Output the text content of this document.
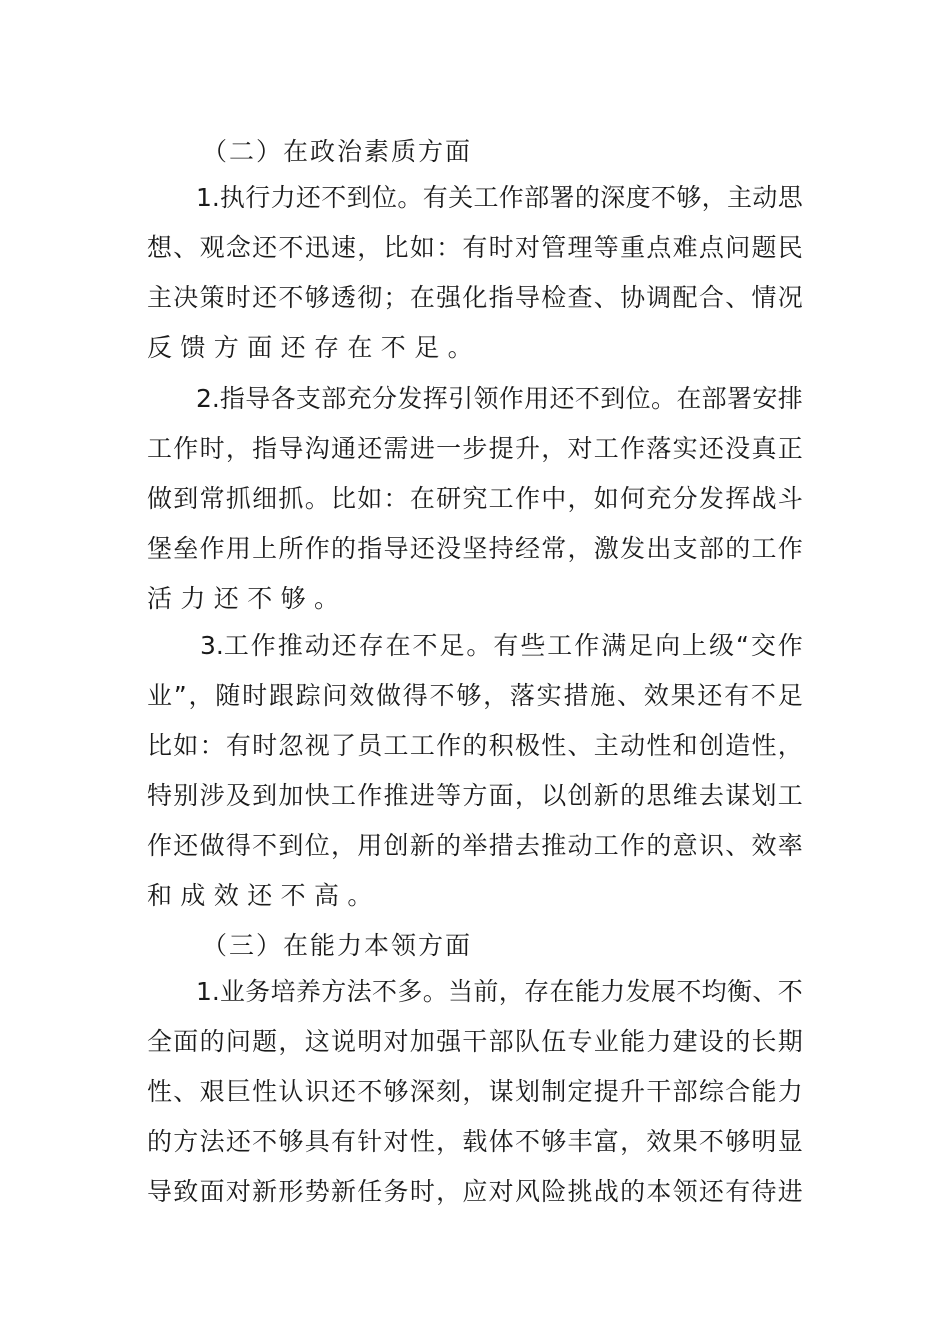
（二）在政治素质方面
1.执 行 力 还 不 到 位 。 有 关 工 作 部 署 的 深 度 不 够 ， 主 动 思
想 、 观 念 还 不 迅 速 ， 比 如 ： 有 时 对 管 理 等 重 点 难 点 问 题 民
主 决 策 时 还 不 够 透 彻 ； 在 强 化 指 导 检 查 、 协 调 配 合 、 情 况
反馈方面还存在不足。
2.指 导 各 支 部 充 分 发 挥 引 领 作 用 还 不 到 位 。 在 部 署 安 排
工 作 时 ， 指 导 沟 通 还 需 进 一 步 提 升 ， 对 工 作 落 实 还 没 真 正
做 到 常 抓 细 抓 。 比 如 ： 在 研 究 工 作 中 ， 如 何 充 分 发 挥 战 斗
堡 垒 作 用 上 所 作 的 指 导 还 没 坚 持 经 常 ， 激 发 出 支 部 的 工 作
活力还不够。
3.工 作 推 动 还 存 在 不 足 。 有 些 工 作 满 足 向 上 级 “ 交 作
业 ” ， 随 时 跟 踪 问 效 做 得 不 够 ， 落 实 措 施 、 效 果 还 有 不 足
比 如 ： 有 时 忽 视 了 员 工 工 作 的 积 极 性 、 主 动 性 和 创 造 性 ，
特 别 涉 及 到 加 快 工 作 推 进 等 方 面 ， 以 创 新 的 思 维 去 谋 划 工
作 还 做 得 不 到 位 ， 用 创 新 的 举 措 去 推 动 工 作 的 意 识 、 效 率
和成效还不高。
（三）在能力本领方面
1.业 务 培 养 方 法 不 多 。 当 前 ， 存 在 能 力 发 展 不 均 衡 、 不
全 面 的 问 题 ， 这 说 明 对 加 强 干 部 队 伍 专 业 能 力 建 设 的 长 期
性 、 艰 巨 性 认 识 还 不 够 深 刻 ， 谋 划 制 定 提 升 干 部 综 合 能 力
的 方 法 还 不 够 具 有 针 对 性 ， 载 体 不 够 丰 富 ， 效 果 不 够 明 显
导 致 面 对 新 形 势 新 任 务 时 ， 应 对 风 险 挑 战 的 本 领 还 有 待 进
